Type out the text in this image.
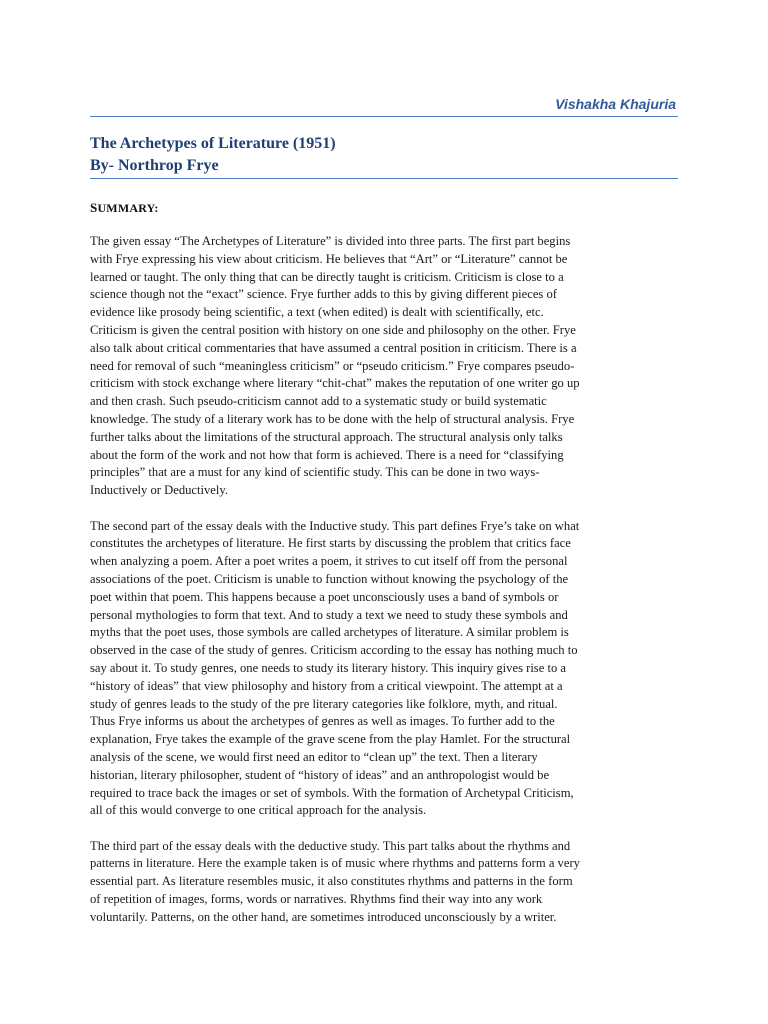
Vishakha Khajuria
The Archetypes of Literature (1951)
By- Northrop Frye
SUMMARY:

The given essay “The Archetypes of Literature” is divided into three parts. The first part begins
with Frye expressing his view about criticism. He believes that “Art” or “Literature” cannot be
learned or taught. The only thing that can be directly taught is criticism. Criticism is close to a
science though not the “exact” science. Frye further adds to this by giving different pieces of
evidence like prosody being scientific, a text (when edited) is dealt with scientifically, etc.
Criticism is given the central position with history on one side and philosophy on the other. Frye
also talk about critical commentaries that have assumed a central position in criticism. There is a
need for removal of such “meaningless criticism” or “pseudo criticism.” Frye compares pseudo-
criticism with stock exchange where literary “chit-chat” makes the reputation of one writer go up
and then crash. Such pseudo-criticism cannot add to a systematic study or build systematic
knowledge. The study of a literary work has to be done with the help of structural analysis. Frye
further talks about the limitations of the structural approach. The structural analysis only talks
about the form of the work and not how that form is achieved. There is a need for “classifying
principles” that are a must for any kind of scientific study. This can be done in two ways-
Inductively or Deductively.

The second part of the essay deals with the Inductive study. This part defines Frye’s take on what
constitutes the archetypes of literature. He first starts by discussing the problem that critics face
when analyzing a poem. After a poet writes a poem, it strives to cut itself off from the personal
associations of the poet. Criticism is unable to function without knowing the psychology of the
poet within that poem. This happens because a poet unconsciously uses a band of symbols or
personal mythologies to form that text. And to study a text we need to study these symbols and
myths that the poet uses, those symbols are called archetypes of literature. A similar problem is
observed in the case of the study of genres. Criticism according to the essay has nothing much to
say about it. To study genres, one needs to study its literary history. This inquiry gives rise to a
“history of ideas” that view philosophy and history from a critical viewpoint. The attempt at a
study of genres leads to the study of the pre literary categories like folklore, myth, and ritual.
Thus Frye informs us about the archetypes of genres as well as images. To further add to the
explanation, Frye takes the example of the grave scene from the play Hamlet. For the structural
analysis of the scene, we would first need an editor to “clean up” the text. Then a literary
historian, literary philosopher, student of “history of ideas” and an anthropologist would be
required to trace back the images or set of symbols. With the formation of Archetypal Criticism,
all of this would converge to one critical approach for the analysis.

The third part of the essay deals with the deductive study. This part talks about the rhythms and
patterns in literature. Here the example taken is of music where rhythms and patterns form a very
essential part. As literature resembles music, it also constitutes rhythms and patterns in the form
of repetition of images, forms, words or narratives. Rhythms find their way into any work
voluntarily. Patterns, on the other hand, are sometimes introduced unconsciously by a writer.
